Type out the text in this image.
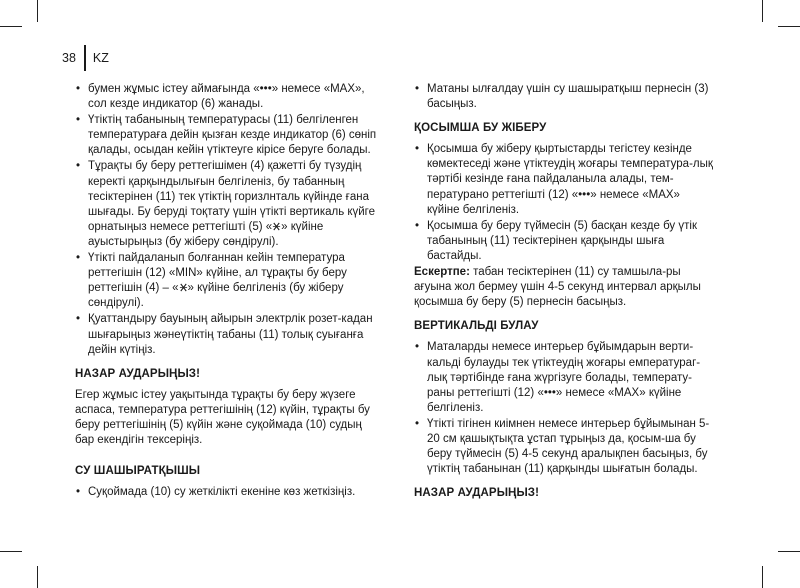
38 KZ
• бумен жұмыс істеу аймағында «•••» немесе «MAX», сол кезде индикатор (6) жанады.
• Үтіктің табанының температурасы (11) белгіленген температураға дейін қызған кезде индикатор (6) сөніп қалады, осыдан кейін үтіктеуге кірісе беруге болады.
• Тұрақты бу беру реттегішімен (4) қажетті бу түзудің керекті қарқындылығын белгіленіз, бу табанның тесіктерінен (11) тек үтіктің горизлнталь күйінде ғана шығады. Бу беруді тоқтату үшін үтікті вертикаль күйге орнатыңыз немесе реттегішті (5) « » күйіне ауыстырыңыз (бу жіберу сөндірулі).
• Үтікті пайдаланып болғаннан кейін температура реттегішін (12) «MIN» күйіне, ал тұрақты бу беру реттегішін (4) – « » күйіне белгіленіз (бу жіберу сөндірулі).
• Қуаттандыру бауының айырын электрлік розет-кадан шығарыңыз жәнеүтіктің табаны (11) толық суығанға дейін күтіңіз.
НАЗАР АУДАРЫҢЫЗ!

Егер жұмыс істеу уақытында тұрақты бу беру жүзеге аспаса, температура реттегішінің (12) күйін, тұрақты бу беру реттегішінің (5) күйін және суқоймада (10) судың бар екендігін тексеріңіз.

СУ ШАШЫРАТҚЫШЫ
• Суқоймада (10) су жеткілікті екеніне көз жеткізіңіз.
• Матаны ылғалдау үшін су шашыратқыш пернесін (3) басыңыз.
ҚОСЫМША БУ ЖІБЕРУ
• Қосымша бу жіберу қыртыстарды тегістеу кезінде көмектеседі және үтіктеудің жоғары температура-лық тәртібі кезінде ғана пайдаланыла алады, тем-пературано реттегішті (12) «•••» немесе «MAX» күйіне белгіленіз.
• Қосымша бу беру түймесін (5) басқан кезде бу үтік табанының (11) тесіктерінен қарқынды шыға бастайды.

Ескертпе: табан тесіктерінен (11) су тамшыла-ры ағуына жол бермеу үшін 4-5 секунд интервал арқылы қосымша бу беру (5) пернесін басыңыз.

ВЕРТИКАЛЬДІ БУЛАУ
• Маталарды немесе интерьер бұйымдарын верти-кальді булауды тек үтіктеудің жоғары емператураг-лық тәртібінде ғана жүргізуге болады, температу-раны реттегішті (12) «•••» немесе «MAX» күйіне белгіленіз.
• Үтікті тігінен киімнен немесе интерьер бұйымынан 5-20 см қашықтықта ұстап тұрыңыз да, қосым-ша бу беру түймесін (5) 4-5 секунд аралықпен басыңыз, бу үтіктің табанынан (11) қарқынды шығатын болады.
НАЗАР АУДАРЫҢЫЗ!
